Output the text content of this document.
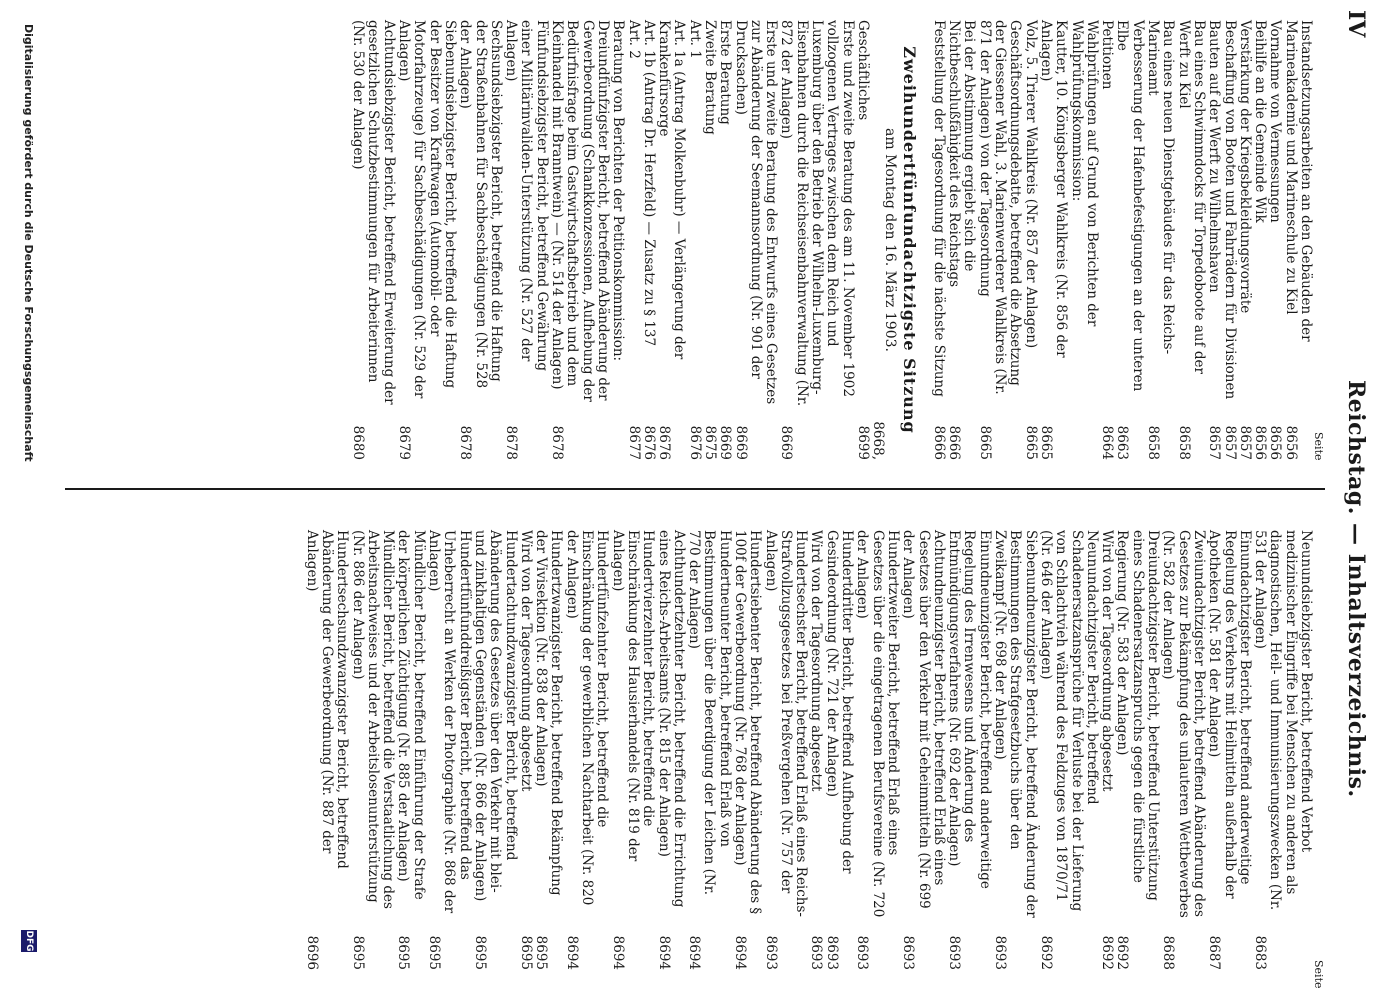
IV
Reichstag. — Inhaltsverzeichnis.
Seite
Seite
Instandsetzungsarbeiten an den Gebäuden der Marineakademie und Marineschule zu Kiel
8656
Vornahme von Vermessungen
8656
Beihilfe an die Gemeinde Wik
8656
Verstärkung der Kriegsbekleidungsvorräte
8657
Beschaffung von Booten und Fahrrädern für Divisionen
8657
Bauten auf der Werft zu Wilhelmshaven
8657
Bau eines Schwimmdocks für Torpedoboote auf der Werft zu Kiel
8658
Bau eines neuen Dienstgebäudes für das Reichs-Marineamt
8658
Verbesserung der Hafenbefestigungen an der unteren Elbe
8663
Petitionen
8664
Wahlprüfungen auf Grund von Berichten der Wahlprüfungskommission:
Kautter, 10. Königsberger Wahlkreis (Nr. 856 der Anlagen)
8665
Volz, 5. Trierer Wahlkreis (Nr. 857 der Anlagen)
8665
Geschäftsordnungsdebatte, betreffend die Absetzung der Giessener Wahl, 3. Marienwerderer Wahlkreis (Nr. 871 der Anlagen) von der Tagesordnung
8665
Bei der Abstimmung ergiebt sich die Nichtbeschlußfähigkeit des Reichstags
8666
Feststellung der Tagesordnung für die nächste Sitzung
8666
Zweihundertfünfundachtzigste Sitzung
am Montag den 16. März 1903.
Geschäftliches
8668, 8699
Erste und zweite Beratung des am 11. November 1902 vollzogenen Vertrages zwischen dem Reich und Luxemburg über den Betrieb der Wilhelm-Luxemburg-Eisenbahnen durch die Reichseisenbahnverwaltung (Nr. 872 der Anlagen)
8669
Erste und zweite Beratung des Entwurfs eines Gesetzes zur Abänderung der Seemannsordnung (Nr. 901 der Drucksachen)
8669
Erste Beratung
8669
Zweite Beratung
8675
Art. 1
8676
Art. 1a (Antrag Molkenbuhr) — Verlängerung der Krankenfürsorge
8676
Art. 1b (Antrag Dr. Herzfeld) — Zusatz zu § 137
8676
Art. 2
8677
Beratung von Berichten der Petitionskommission:
Dreiundfünfzigster Bericht, betreffend Abänderung der Gewerbeordnung (Schankkonzessionen, Aufhebung der Bedürfnisfrage beim Gastwirtschaftsbetrieb und dem Kleinhandel mit Branntwein) — (Nr. 514 der Anlagen)
8678
Fünfundsiebzigster Bericht, betreffend Gewährung einer Militärinvaliden-Unterstützung (Nr. 527 der Anlagen)
8678
Sechsundsiebzigster Bericht, betreffend die Haftung der Straßenbahnen für Sachbeschädigungen (Nr. 528 der Anlagen)
8678
Siebenundsiebzigster Bericht, betreffend die Haftung der Besitzer von Kraftwagen (Automobil- oder Motorfahrzeuge) für Sachbeschädigungen (Nr. 529 der Anlagen)
8679
Achtundsiebzigster Bericht, betreffend Erweiterung der gesetzlichen Schutzbestimmungen für Arbeiterinnen (Nr. 530 der Anlagen)
8680
Neunundsiebzigster Bericht, betreffend Verbot medizinischer Eingriffe bei Menschen zu anderen als diagnostischen, Heil- und Immunisierungszwecken (Nr. 531 der Anlagen)
8683
Einundachtzigster Bericht, betreffend anderweitige Regelung des Verkehrs mit Heilmitteln außerhalb der Apotheken (Nr. 581 der Anlagen)
8687
Zweiundachtzigster Bericht, betreffend Abänderung des Gesetzes zur Bekämpfung des unlauteren Wettbewerbes (Nr. 582 der Anlagen)
8688
Dreiundachtzigster Bericht, betreffend Unterstützung eines Schadenersatzanspruchs gegen die fürstliche Regierung (Nr. 583 der Anlagen)
8692
Wird von der Tagesordnung abgesetzt
8692
Neunundachtzigster Bericht, betreffend Schadenersatzansprüche für Verluste bei der Lieferung von Schlachtvieh während des Feldzuges von 1870/71 (Nr. 646 der Anlagen)
8692
Siebenundneunzigster Bericht, betreffend Änderung der Bestimmungen des Strafgesetzbuchs über den Zweikampf (Nr. 698 der Anlagen)
8693
Einundneunzigster Bericht, betreffend anderweitige Regelung des Irrenwesens und Änderung des Entmündigungsverfahrens (Nr. 692 der Anlagen)
8693
Achtundneunzigster Bericht, betreffend Erlaß eines Gesetzes über den Verkehr mit Geheimmitteln (Nr. 699 der Anlagen)
8693
Hundertzweiter Bericht, betreffend Erlaß eines Gesetzes über die eingetragenen Berufsvereine (Nr. 720 der Anlagen)
8693
Hundertdritter Bericht, betreffend Aufhebung der Gesindeordnung (Nr. 721 der Anlagen)
8693
Wird von der Tagesordnung abgesetzt
8693
Hundertsechster Bericht, betreffend Erlaß eines Reichs-Strafvollzugsgesetzes bei Preßvergehen (Nr. 757 der Anlagen)
8693
Hundertsiebenter Bericht, betreffend Abänderung des § 100f der Gewerbeordnung (Nr. 768 der Anlagen)
8694
Hundertneunter Bericht, betreffend Erlaß von Bestimmungen über die Beerdigung der Leichen (Nr. 770 der Anlagen)
8694
Achthundertzehnter Bericht, betreffend die Errichtung eines Reichs-Arbeitsamts (Nr. 815 der Anlagen)
8694
Hundertvierzehnter Bericht, betreffend die Einschränkung des Hausierhandels (Nr. 819 der Anlagen)
8694
Hundertfünfzehnter Bericht, betreffend die Einschränkung der gewerblichen Nachtarbeit (Nr. 820 der Anlagen)
8694
Hundertzwanzigster Bericht, betreffend Bekämpfung der Vivisektion (Nr. 838 der Anlagen)
8695
Wird von der Tagesordnung abgesetzt
8695
Hundertachtundzwanzigster Bericht, betreffend Abänderung des Gesetzes über den Verkehr mit blei- und zinkhaltigen Gegenständen (Nr. 866 der Anlagen)
8695
Hundertfünfunddreißigster Bericht, betreffend das Urheberrecht an Werken der Photographie (Nr. 868 der Anlagen)
8695
Mündlicher Bericht, betreffend Einführung der Strafe der körperlichen Züchtigung (Nr. 885 der Anlagen)
8695
Mündlicher Bericht, betreffend die Verstaatlichung des Arbeitsnachweises und der Arbeitslosenunterstützung (Nr. 886 der Anlagen)
8695
Hundertsechsundzwanzigster Bericht, betreffend Abänderung der Gewerbeordnung (Nr. 887 der Anlagen)
8696
Digitalisierung gefördert durch die Deutsche Forschungsgemeinschaft
DFG
